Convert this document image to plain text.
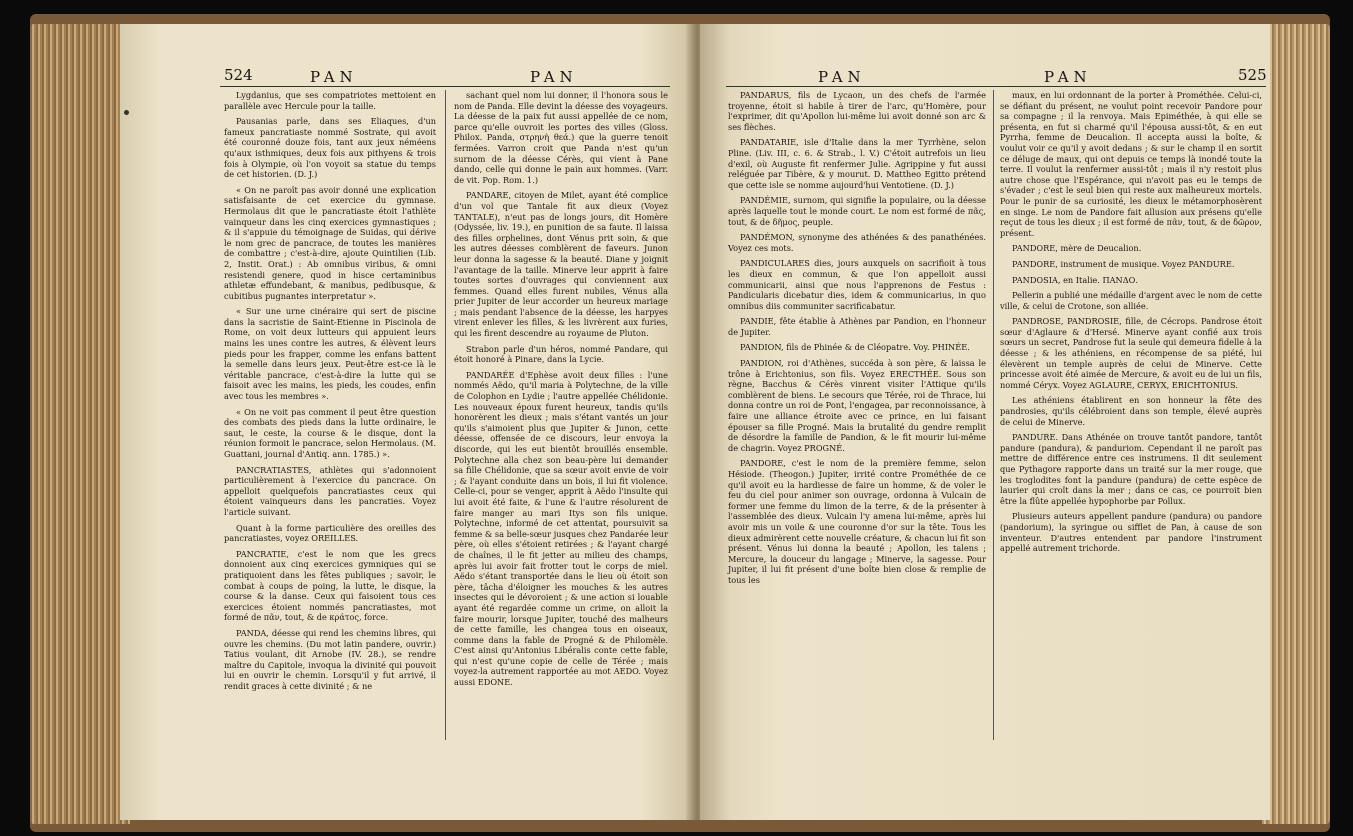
524	PAN	PAN

Lygdanius, que ses compatriotes mettoient en parallèle avec Hercule pour la taille.

Pausanias parle, dans ses Eliaques, d'un fameux pancratiaste nommé Sostrate, qui avoit été couronné douze fois, tant aux jeux néméens qu'aux isthmiques, deux fois aux pithyens & trois fois à Olympie, où l'on voyoit sa statue du temps de cet historien. (D. J.)

« On ne paroît pas avoir donné une explication satisfaisante de cet exercice du gymnase. Hermolaus dit que le pancratiaste étoit l'athlète vainqueur dans les cinq exercices gymnastiques ; & il s'appuie du témoignage de Suidas, qui dérive le nom grec de pancrace, de toutes les manières de combattre ; c'est-à-dire, ajoute Quintilien (Lib. 2, Instit. Orat.) : Ab omnibus viribus, & omni resistendi genere, quod in hisce certaminibus athletæ effundebant, & manibus, pedibusque, & cubitibus pugnantes interpretatur ».

« Sur une urne cinéraire qui sert de piscine dans la sacristie de Saint-Etienne in Piscinola de Rome, on voit deux lutteurs qui appuient leurs mains les unes contre les autres, & élèvent leurs pieds pour les frapper, comme les enfans battent la semelle dans leurs jeux. Peut-être est-ce là le véritable pancrace, c'est-à-dire la lutte qui se faisoit avec les mains, les pieds, les coudes, enfin avec tous les membres ».

« On ne voit pas comment il peut être question des combats des pieds dans la lutte ordinaire, le saut, le ceste, la course & le disque, dont la réunion formoit le pancrace, selon Hermolaus. (M. Guattani, journal d'Antiq. ann. 1785.) ».

PANCRATIASTES, athlètes qui s'adonnoient particulièrement à l'exercice du pancrace. On appelloit quelquefois pancratiastes ceux qui étoient vainqueurs dans les pancraties. Voyez l'article suivant.

Quant à la forme particulière des oreilles des pancratiastes, voyez OREILLES.

PANCRATIE, c'est le nom que les grecs donnoient aux cinq exercices gymniques qui se pratiquoient dans les fêtes publiques ; savoir, le combat à coups de poing, la lutte, le disque, la course & la danse. Ceux qui faisoient tous ces exercices étoient nommés pancratiastes, mot formé de πᾶν, tout, & de κράτος, force.

PANDA, déesse qui rend les chemins libres, qui ouvre les chemins. (Du mot latin pandere, ouvrir.) Tatius voulant, dit Arnobe (IV. 28.), se rendre maître du Capitole, invoqua la divinité qui pouvoit lui en ouvrir le chemin. Lorsqu'il y fut arrivé, il rendit graces à cette divinité ; & ne

sachant quel nom lui donner, il l'honora sous le nom de Panda. Elle devint la déesse des voyageurs. La déesse de la paix fut aussi appellée de ce nom, parce qu'elle ouvroit les portes des villes (Gloss. Philox. Panda, στρηνὴ θεά.) que la guerre tenoit fermées. Varron croit que Panda n'est qu'un surnom de la déesse Cérès, qui vient à Pane dando, celle qui donne le pain aux hommes. (Varr. de vit. Pop. Rom. 1.)

PANDARE, citoyen de Milet, ayant été complice d'un vol que Tantale fit aux dieux (Voyez TANTALE), n'eut pas de longs jours, dit Homère (Odyssée, liv. 19.), en punition de sa faute. Il laissa des filles orphelines, dont Vénus prit soin, & que les autres déesses comblèrent de faveurs. Junon leur donna la sagesse & la beauté. Diane y joignit l'avantage de la taille. Minerve leur apprit à faire toutes sortes d'ouvrages qui conviennent aux femmes. Quand elles furent nubiles, Vénus alla prier Jupiter de leur accorder un heureux mariage ; mais pendant l'absence de la déesse, les harpyes virent enlever les filles, & les livrèrent aux furies, qui les firent descendre au royaume de Pluton.

Strabon parle d'un héros, nommé Pandare, qui étoit honoré à Pinare, dans la Lycie.

PANDARÉE d'Ephèse avoit deux filles : l'une nommés Aëdo, qu'il maria à Polytechne, de la ville de Colophon en Lydie ; l'autre appellée Chélidonie. Les nouveaux époux furent heureux, tandis qu'ils honorèrent les dieux ; mais s'étant vantés un jour qu'ils s'aimoient plus que Jupiter & Junon, cette déesse, offensée de ce discours, leur envoya la discorde, qui les eut bientôt brouillés ensemble. Polytechne alla chez son beau-père lui demander sa fille Chélidonie, que sa sœur avoit envie de voir ; & l'ayant conduite dans un bois, il lui fit violence. Celle-ci, pour se venger, apprit à Aëdo l'insulte qui lui avoit été faite, & l'une & l'autre résolurent de faire manger au mari Itys son fils unique. Polytechne, informé de cet attentat, poursuivit sa femme & sa belle-sœur jusques chez Pandarée leur père, où elles s'étoient retirées ; & l'ayant chargé de chaînes, il le fit jetter au milieu des champs, après lui avoir fait frotter tout le corps de miel. Aëdo s'étant transportée dans le lieu où étoit son père, tâcha d'éloigner les mouches & les autres insectes qui le dévoroient ; & une action si louable ayant été regardée comme un crime, on alloit la faire mourir, lorsque Jupiter, touché des malheurs de cette famille, les changea tous en oiseaux, comme dans la fable de Progné & de Philomèle. C'est ainsi qu'Antonius Libéralis conte cette fable, qui n'est qu'une copie de celle de Térée ; mais voyez-la autrement rapportée au mot AEDO. Voyez aussi EDONE.

PAN	PAN	525

PANDARUS, fils de Lycaon, un des chefs de l'armée troyenne, étoit si habile à tirer de l'arc, qu'Homère, pour l'exprimer, dit qu'Apollon lui-même lui avoit donné son arc & ses flèches.

PANDATARIE, isle d'Italie dans la mer Tyrrhène, selon Pline. (Liv. III, c. 6. & Strab., l. V.) C'étoit autrefois un lieu d'exil, où Auguste fit renfermer Julie. Agrippine y fut aussi reléguée par Tibère, & y mourut. D. Mattheo Egitto prétend que cette isle se nomme aujourd'hui Ventotiene. (D. J.)

PANDÉMIE, surnom, qui signifie la populaire, ou la déesse après laquelle tout le monde court. Le nom est formé de πᾶς, tout, & de δῆμος, peuple.

PANDÉMON, synonyme des athénées & des panathénées. Voyez ces mots.

PANDICULARES dies, jours auxquels on sacrifioit à tous les dieux en commun, & que l'on appelloit aussi communicarii, ainsi que nous l'apprenons de Festus : Pandicularis dicebatur dies, idem & communicarius, in quo omnibus diis communiter sacrificabatur.

PANDIE, fête établie à Athènes par Pandion, en l'honneur de Jupiter.

PANDION, fils de Phinée & de Cléopatre. Voy. PHINÉE.

PANDION, roi d'Athènes, succéda à son père, & laissa le trône à Erichtonius, son fils. Voyez ERECTHÉE. Sous son règne, Bacchus & Cérès vinrent visiter l'Attique qu'ils comblèrent de biens. Le secours que Térée, roi de Thrace, lui donna contre un roi de Pont, l'engagea, par reconnoissance, à faire une alliance étroite avec ce prince, en lui faisant épouser sa fille Progné. Mais la brutalité du gendre remplit de désordre la famille de Pandion, & le fit mourir lui-même de chagrin. Voyez PROGNÉ.

PANDORE, c'est le nom de la première femme, selon Hésiode. (Theogon.) Jupiter, irrité contre Prométhée de ce qu'il avoit eu la hardiesse de faire un homme, & de voler le feu du ciel pour animer son ouvrage, ordonna à Vulcain de former une femme du limon de la terre, & de la présenter à l'assemblée des dieux. Vulcain l'y amena lui-même, après lui avoir mis un voile & une couronne d'or sur la tête. Tous les dieux admirèrent cette nouvelle créature, & chacun lui fit son présent. Vénus lui donna la beauté ; Apollon, les talens ; Mercure, la douceur du langage ; Minerve, la sagesse. Pour Jupiter, il lui fit présent d'une boîte bien close & remplie de tous les

maux, en lui ordonnant de la porter à Prométhée. Celui-ci, se défiant du présent, ne voulut point recevoir Pandore pour sa compagne ; il la renvoya. Mais Epiméthée, à qui elle se présenta, en fut si charmé qu'il l'épousa aussi-tôt, & en eut Pyrrha, femme de Deucalion. Il accepta aussi la boîte, & voulut voir ce qu'il y avoit dedans ; & sur le champ il en sortit ce déluge de maux, qui ont depuis ce temps là inondé toute la terre. Il voulut la renfermer aussi-tôt ; mais il n'y restoit plus autre chose que l'Espérance, qui n'avoit pas eu le temps de s'évader ; c'est le seul bien qui reste aux malheureux mortels. Pour le punir de sa curiosité, les dieux le métamorphosèrent en singe. Le nom de Pandore fait allusion aux présens qu'elle reçut de tous les dieux ; il est formé de πᾶν, tout, & de δῶρον, présent.

PANDORE, mère de Deucalion.

PANDORE, instrument de musique. Voyez PANDURE.

PANDOSIA, en Italie. ΠΑΝΔΟ.

Pellerin a publié une médaille d'argent avec le nom de cette ville, & celui de Crotone, son alliée.

PANDROSE, PANDROSIE, fille, de Cécrops. Pandrose étoit sœur d'Aglaure & d'Hersé. Minerve ayant confié aux trois sœurs un secret, Pandrose fut la seule qui demeura fidelle à la déesse ; & les athéniens, en récompense de sa piété, lui élevèrent un temple auprès de celui de Minerve. Cette princesse avoit été aimée de Mercure, & avoit eu de lui un fils, nommé Céryx. Voyez AGLAURE, CERYX, ERICHTONIUS.

Les athéniens établirent en son honneur la fête des pandrosies, qu'ils célébroient dans son temple, élevé auprès de celui de Minerve.

PANDURE. Dans Athénée on trouve tantôt pandore, tantôt pandure (pandura), & panduriom. Cependant il ne paroît pas mettre de différence entre ces instrumens. Il dit seulement que Pythagore rapporte dans un traité sur la mer rouge, que les troglodites font la pandure (pandura) de cette espèce de laurier qui croît dans la mer ; dans ce cas, ce pourroit bien être la flûte appellée hypophorbe par Pollux.

Plusieurs auteurs appellent pandure (pandura) ou pandore (pandorium), la syringue ou sifflet de Pan, à cause de son inventeur. D'autres entendent par pandore l'instrument appellé autrement trichorde.
